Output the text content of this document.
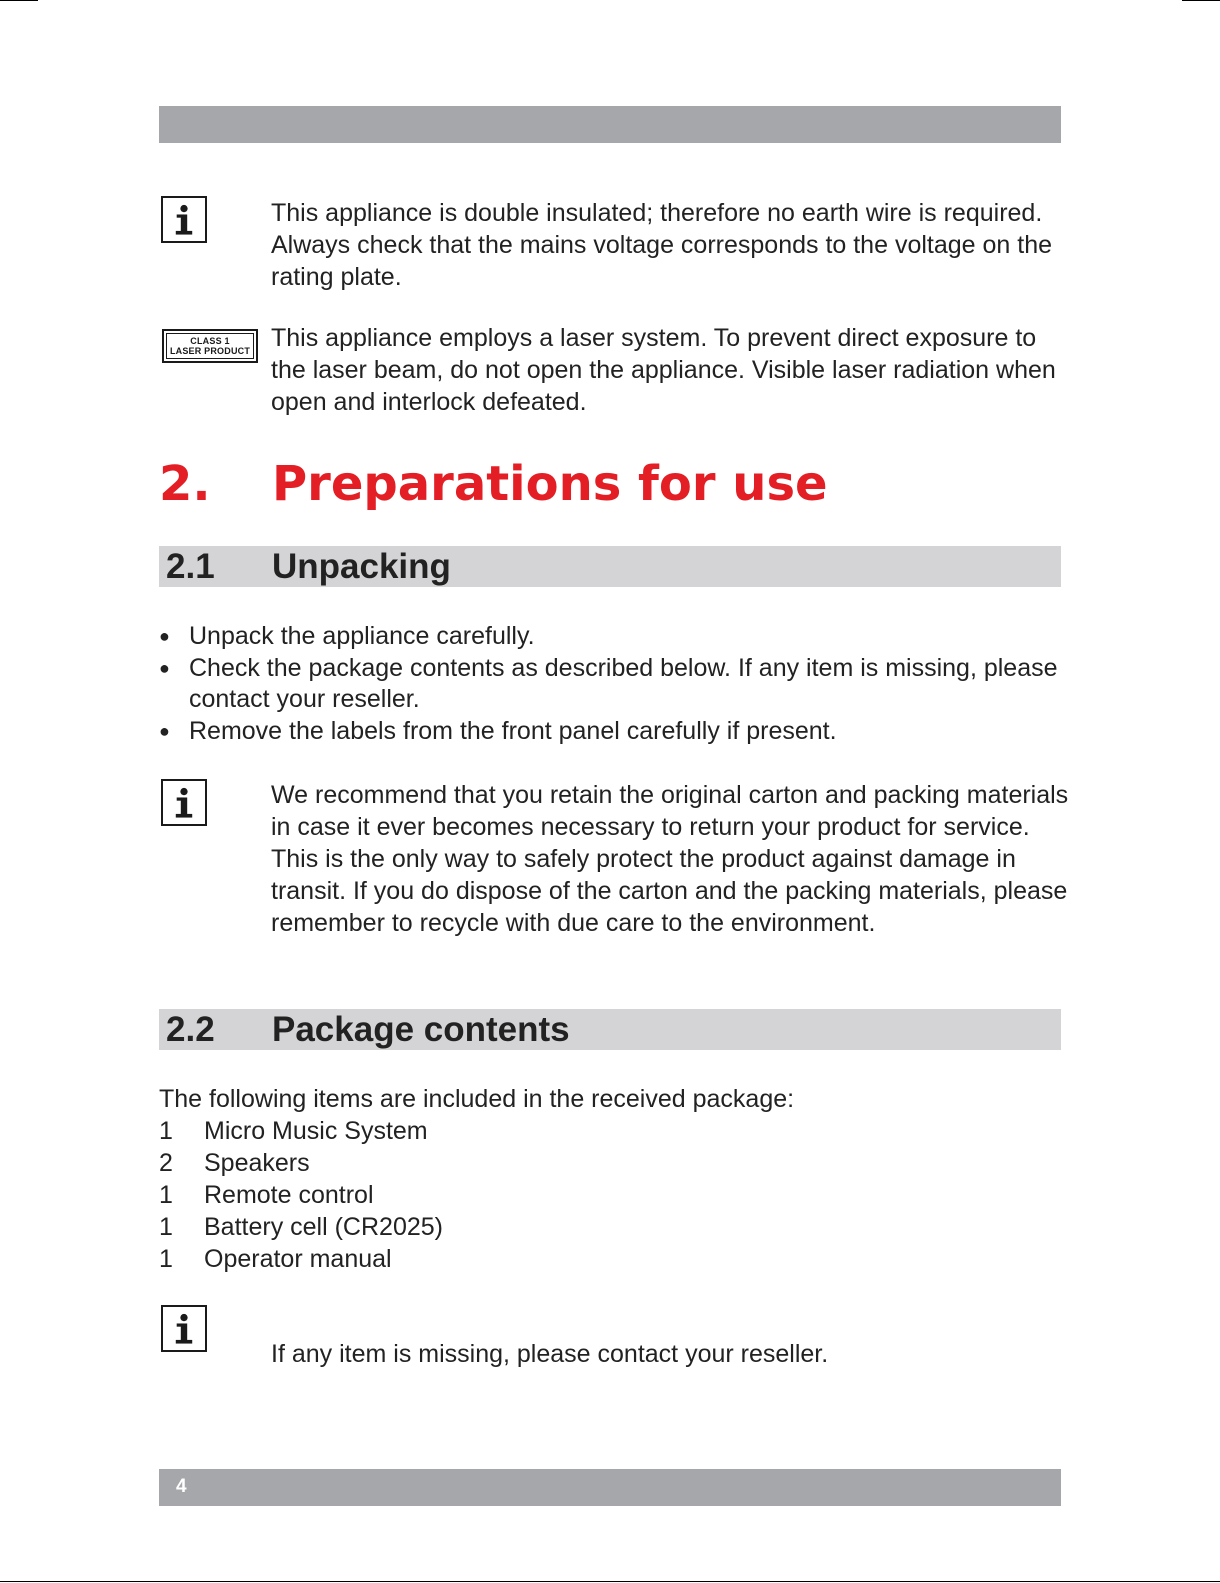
This appliance is double insulated; therefore no earth wire is required. Always check that the mains voltage corresponds to the voltage on the rating plate.
CLASS 1
LASER PRODUCT This appliance employs a laser system. To prevent direct exposure to the laser beam, do not open the appliance. Visible laser radiation when open and interlock defeated.
2. Preparations for use
2.1 Unpacking
● Unpack the appliance carefully.
● Check the package contents as described below. If any item is missing, please contact your reseller.
● Remove the labels from the front panel carefully if present.
We recommend that you retain the original carton and packing materials in case it ever becomes necessary to return your product for service. This is the only way to safely protect the product against damage in transit. If you do dispose of the carton and the packing materials, please remember to recycle with due care to the environment.
2.2 Package contents
The following items are included in the received package:
1 Micro Music System
2 Speakers
1 Remote control
1 Battery cell (CR2025)
1 Operator manual
If any item is missing, please contact your reseller.
4
